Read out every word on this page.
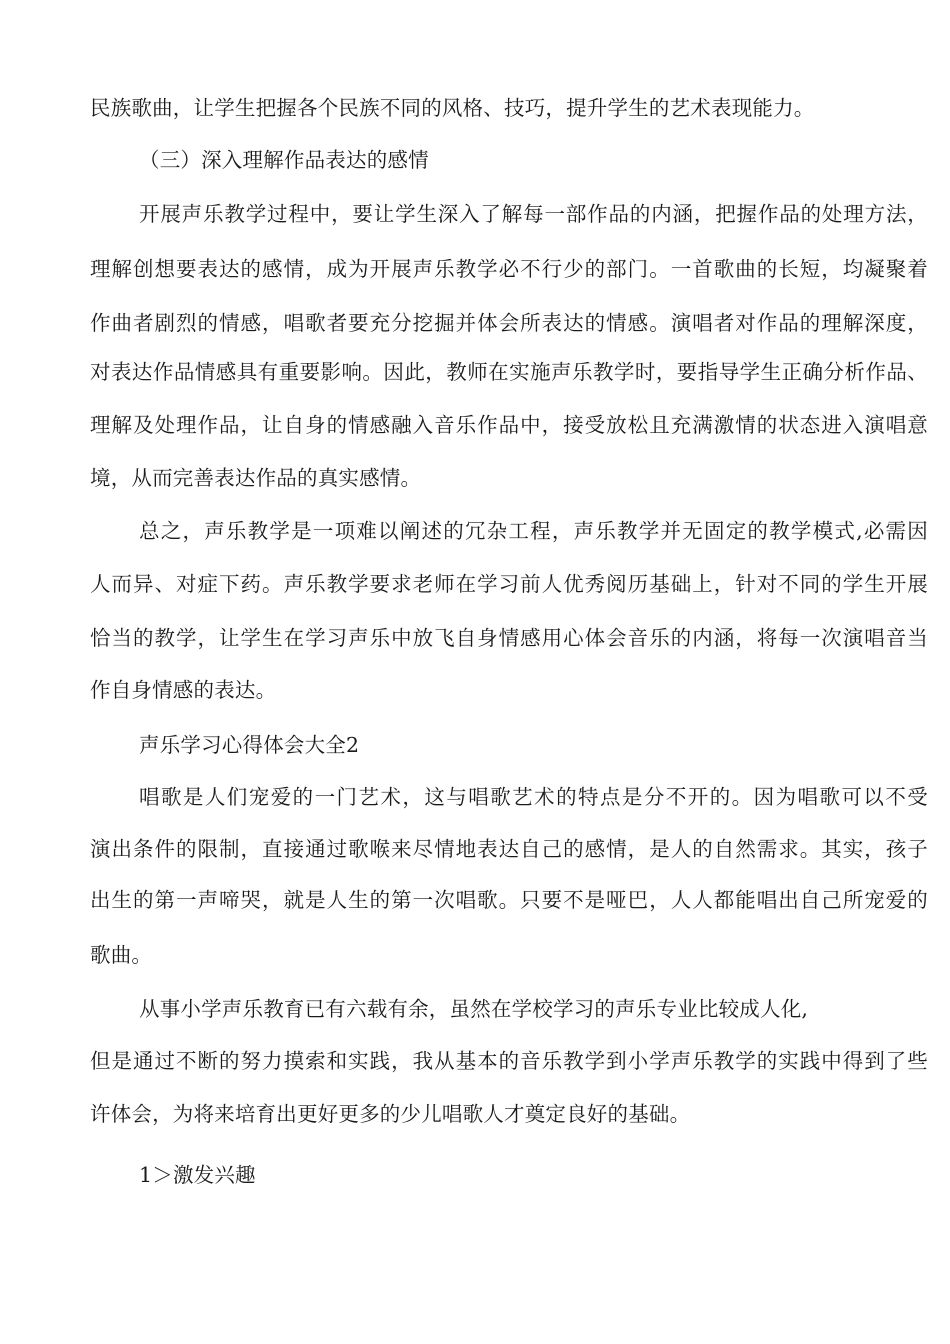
民族歌曲，让学生把握各个民族不同的风格、技巧，提升学生的艺术表现能力。
（三）深入理解作品表达的感情
开展声乐教学过程中，要让学生深入了解每一部作品的内涵，把握作品的处理方法，
理解创想要表达的感情，成为开展声乐教学必不行少的部门。一首歌曲的长短，均凝聚着
作曲者剧烈的情感，唱歌者要充分挖掘并体会所表达的情感。演唱者对作品的理解深度，
对表达作品情感具有重要影响。因此，教师在实施声乐教学时，要指导学生正确分析作品、
理解及处理作品，让自身的情感融入音乐作品中，接受放松且充满激情的状态进入演唱意
境，从而完善表达作品的真实感情。
总之，声乐教学是一项难以阐述的冗杂工程，声乐教学并无固定的教学模式,必需因
人而异、对症下药。声乐教学要求老师在学习前人优秀阅历基础上，针对不同的学生开展
恰当的教学，让学生在学习声乐中放飞自身情感用心体会音乐的内涵，将每一次演唱音当
作自身情感的表达。
声乐学习心得体会大全2
唱歌是人们宠爱的一门艺术，这与唱歌艺术的特点是分不开的。因为唱歌可以不受
演出条件的限制，直接通过歌喉来尽情地表达自己的感情，是人的自然需求。其实，孩子
出生的第一声啼哭，就是人生的第一次唱歌。只要不是哑巴，人人都能唱出自己所宠爱的
歌曲。
从事小学声乐教育已有六载有余，虽然在学校学习的声乐专业比较成人化,
但是通过不断的努力摸索和实践，我从基本的音乐教学到小学声乐教学的实践中得到了些
许体会，为将来培育出更好更多的少儿唱歌人才奠定良好的基础。
1＞激发兴趣
